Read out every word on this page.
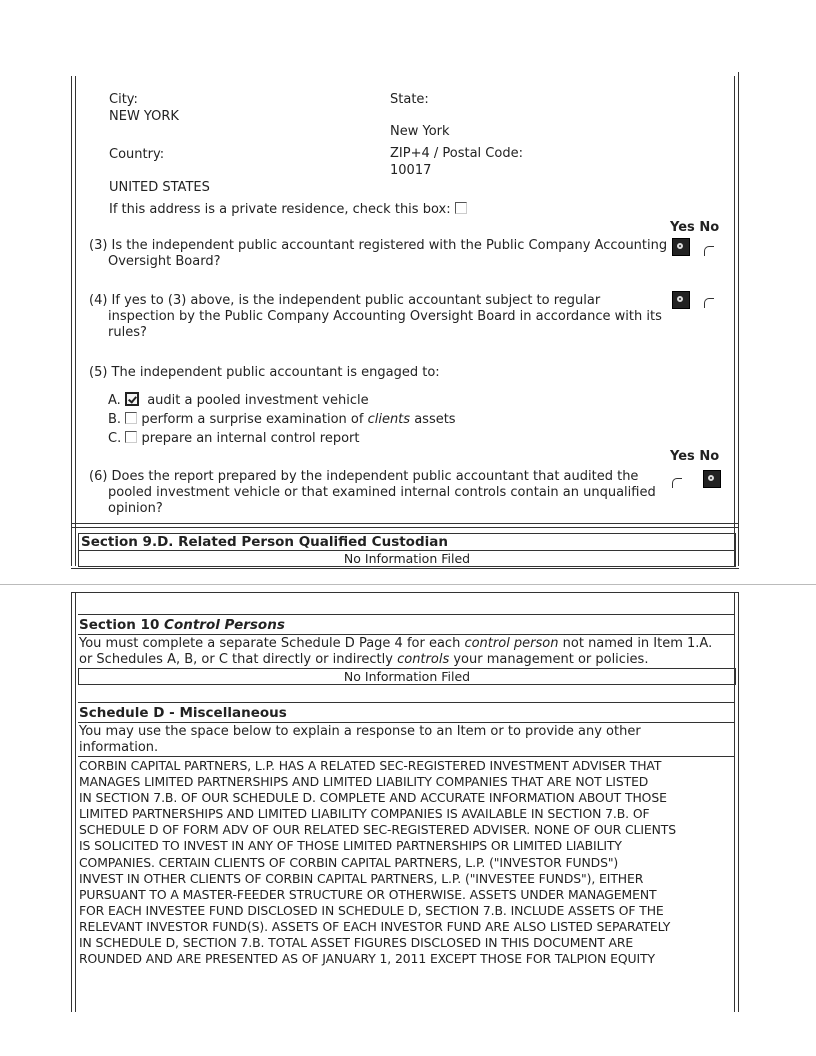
City:
NEW YORK
State:
New York
Country:	ZIP+4 / Postal Code:
10017
UNITED STATES
If this address is a private residence, check this box:
Yes No
(3) Is the independent public accountant registered with the Public Company Accounting
Oversight Board?
(4) If yes to (3) above, is the independent public accountant subject to regular
inspection by the Public Company Accounting Oversight Board in accordance with its
rules?
(5) The independent public accountant is engaged to:
A. audit a pooled investment vehicle
B. perform a surprise examination of clients assets
C. prepare an internal control report
Yes No
(6) Does the report prepared by the independent public accountant that audited the
pooled investment vehicle or that examined internal controls contain an unqualified
opinion?
Section 9.D. Related Person Qualified Custodian
No Information Filed
Section 10 Control Persons
You must complete a separate Schedule D Page 4 for each control person not named in Item 1.A.
or Schedules A, B, or C that directly or indirectly controls your management or policies.
No Information Filed
Schedule D - Miscellaneous
You may use the space below to explain a response to an Item or to provide any other
information.
CORBIN CAPITAL PARTNERS, L.P. HAS A RELATED SEC-REGISTERED INVESTMENT ADVISER THAT
MANAGES LIMITED PARTNERSHIPS AND LIMITED LIABILITY COMPANIES THAT ARE NOT LISTED
IN SECTION 7.B. OF OUR SCHEDULE D. COMPLETE AND ACCURATE INFORMATION ABOUT THOSE
LIMITED PARTNERSHIPS AND LIMITED LIABILITY COMPANIES IS AVAILABLE IN SECTION 7.B. OF
SCHEDULE D OF FORM ADV OF OUR RELATED SEC-REGISTERED ADVISER. NONE OF OUR CLIENTS
IS SOLICITED TO INVEST IN ANY OF THOSE LIMITED PARTNERSHIPS OR LIMITED LIABILITY
COMPANIES. CERTAIN CLIENTS OF CORBIN CAPITAL PARTNERS, L.P. ("INVESTOR FUNDS")
INVEST IN OTHER CLIENTS OF CORBIN CAPITAL PARTNERS, L.P. ("INVESTEE FUNDS"), EITHER
PURSUANT TO A MASTER-FEEDER STRUCTURE OR OTHERWISE. ASSETS UNDER MANAGEMENT
FOR EACH INVESTEE FUND DISCLOSED IN SCHEDULE D, SECTION 7.B. INCLUDE ASSETS OF THE
RELEVANT INVESTOR FUND(S). ASSETS OF EACH INVESTOR FUND ARE ALSO LISTED SEPARATELY
IN SCHEDULE D, SECTION 7.B. TOTAL ASSET FIGURES DISCLOSED IN THIS DOCUMENT ARE
ROUNDED AND ARE PRESENTED AS OF JANUARY 1, 2011 EXCEPT THOSE FOR TALPION EQUITY
